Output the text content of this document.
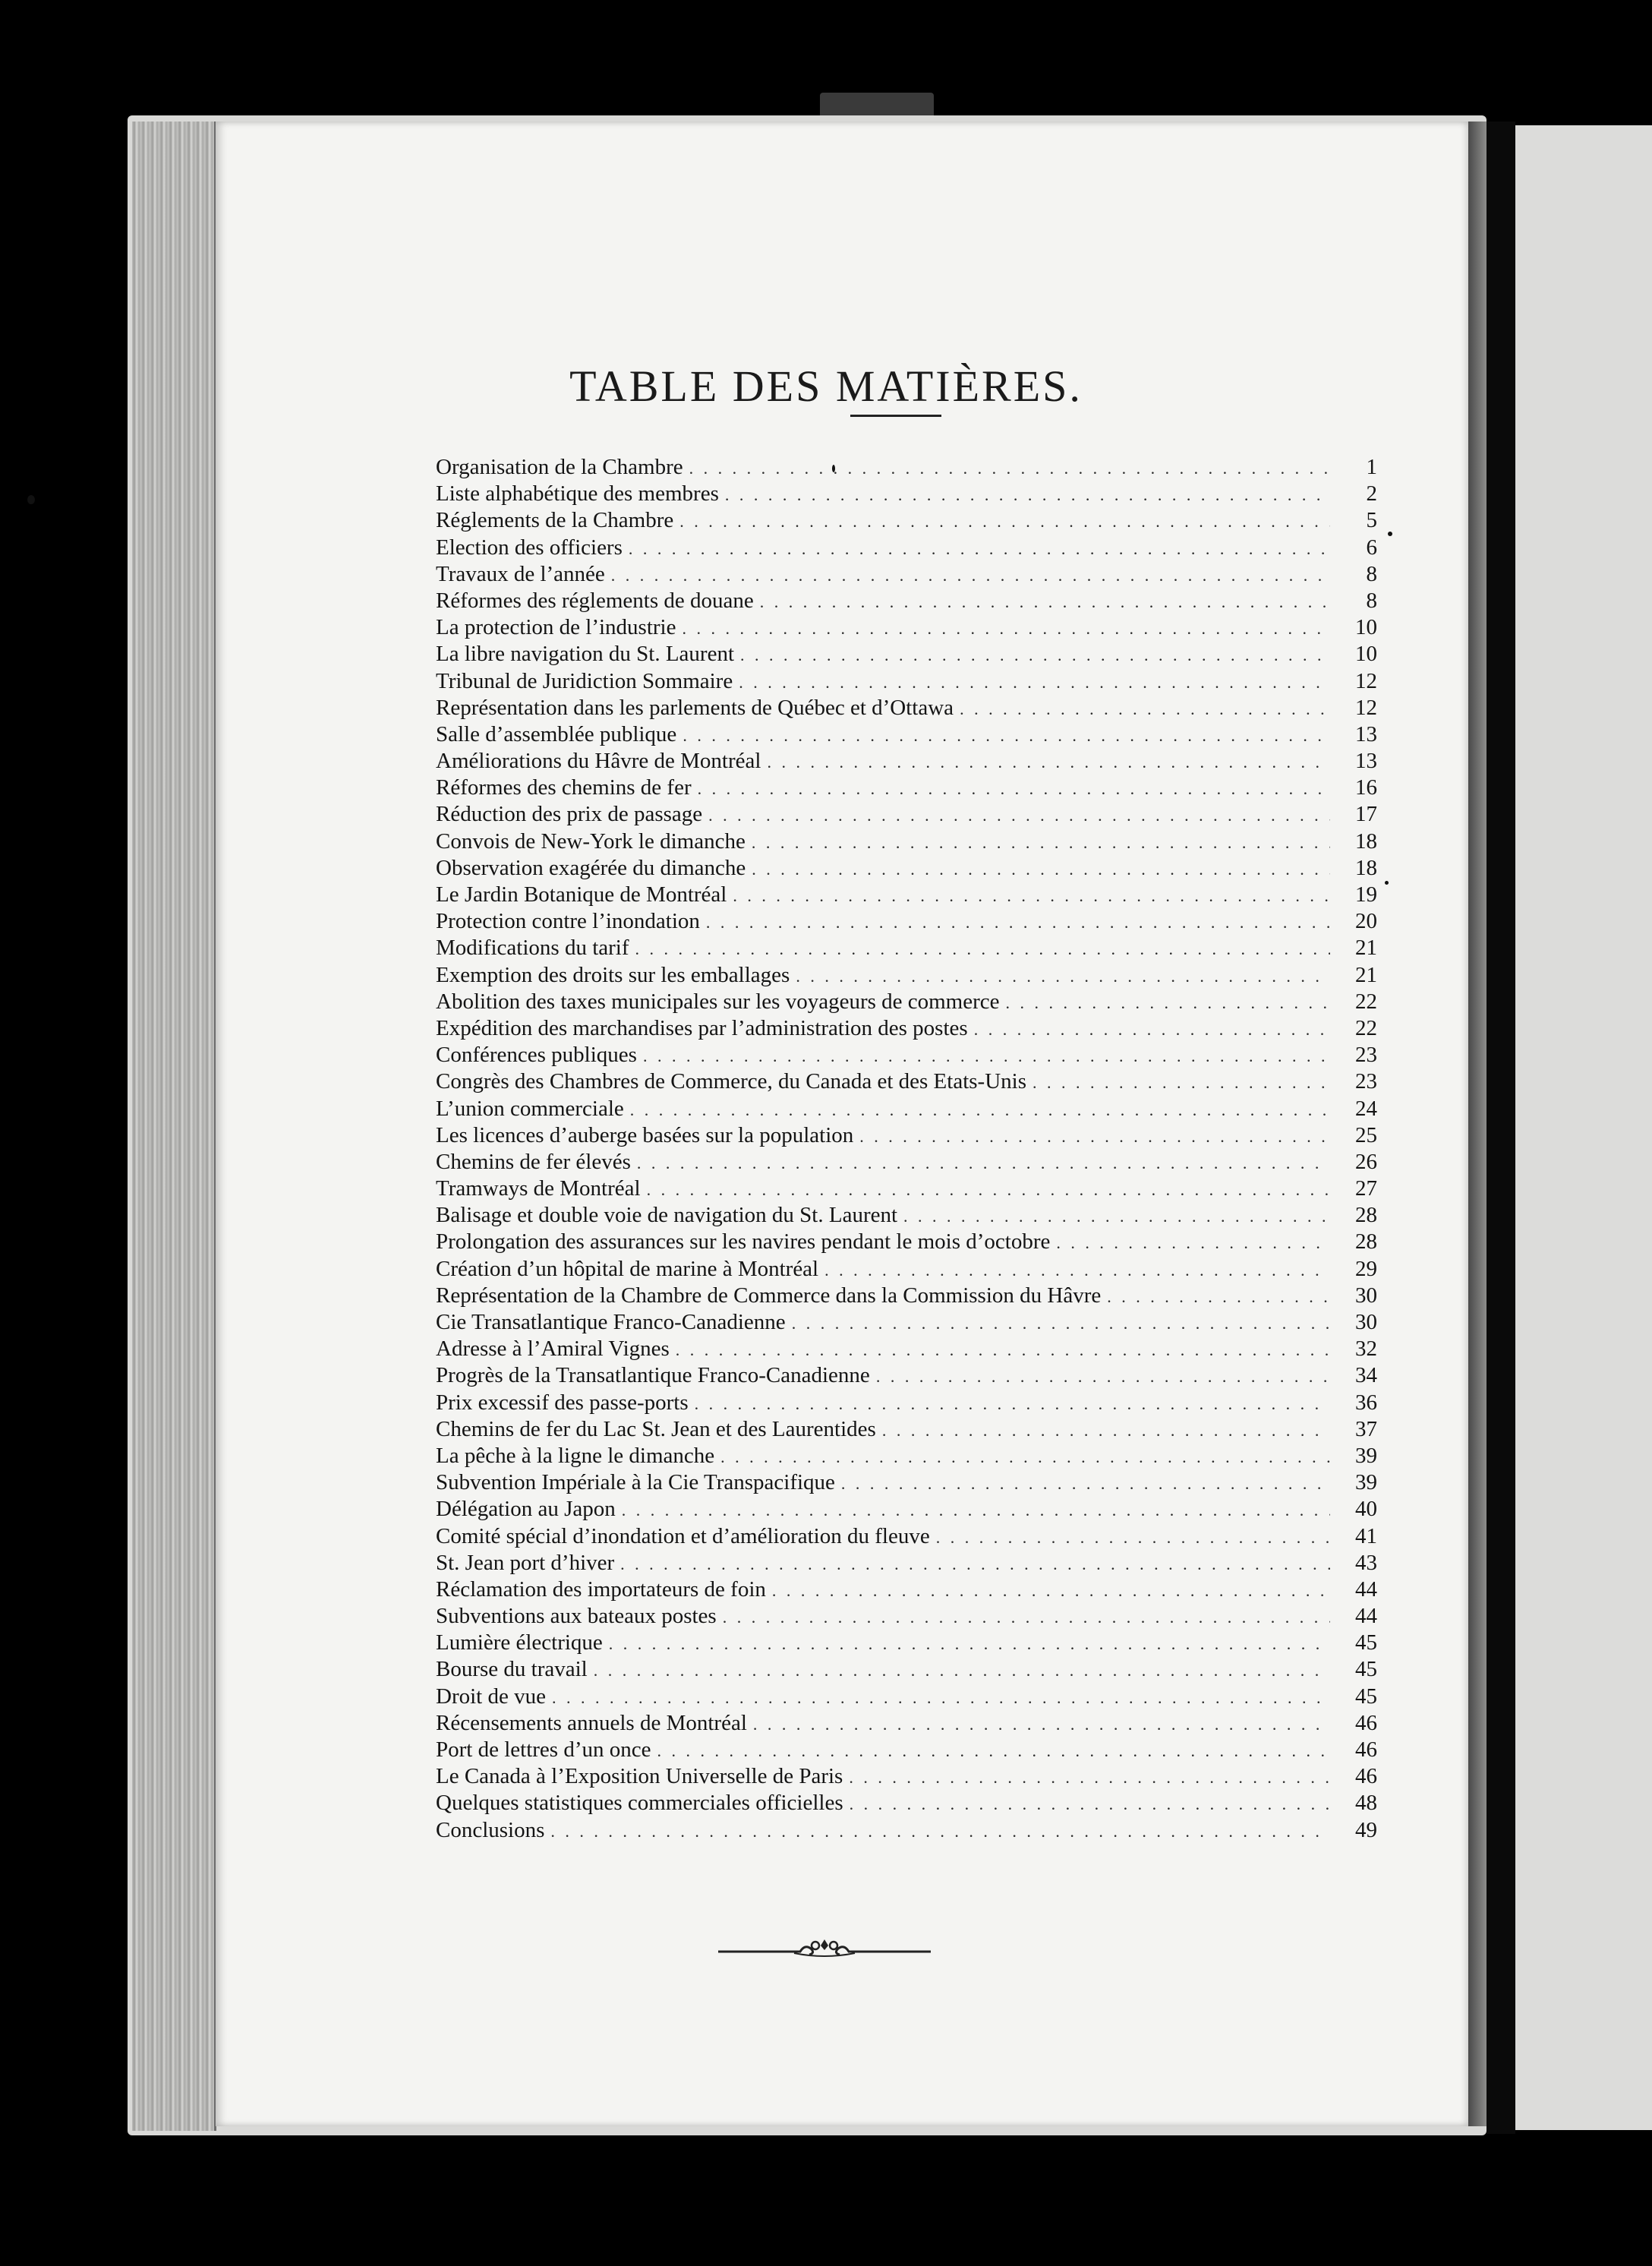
TABLE DES MATIÈRES.
Organisation de la Chambre . . .	1
Liste alphabétique des membres . . .	2
Réglements de la Chambre . . .	5
Election des officiers . . .	6
Travaux de l’année . . .	8
Réformes des réglements de douane . . .	8
La protection de l’industrie . . .	10
La libre navigation du St. Laurent . . .	10
Tribunal de Juridiction Sommaire . . .	12
Représentation dans les parlements de Québec et d’Ottawa . . .	12
Salle d’assemblée publique . . .	13
Améliorations du Hâvre de Montréal . . .	13
Réformes des chemins de fer . . .	16
Réduction des prix de passage . . .	17
Convois de New-York le dimanche . . .	18
Observation exagérée du dimanche . . .	18
Le Jardin Botanique de Montréal . . .	19
Protection contre l’inondation . . .	20
Modifications du tarif . . .	21
Exemption des droits sur les emballages . . .	21
Abolition des taxes municipales sur les voyageurs de commerce . . .	22
Expédition des marchandises par l’administration des postes . . .	22
Conférences publiques . . .	23
Congrès des Chambres de Commerce, du Canada et des Etats-Unis . . .	23
L’union commerciale . . .	24
Les licences d’auberge basées sur la population . . .	25
Chemins de fer élevés . . .	26
Tramways de Montréal . . .	27
Balisage et double voie de navigation du St. Laurent . . .	28
Prolongation des assurances sur les navires pendant le mois d’octobre . . .	28
Création d’un hôpital de marine à Montréal . . .	29
Représentation de la Chambre de Commerce dans la Commission du Hâvre . . .	30
Cie Transatlantique Franco-Canadienne . . .	30
Adresse à l’Amiral Vignes . . .	32
Progrès de la Transatlantique Franco-Canadienne . . .	34
Prix excessif des passe-ports . . .	36
Chemins de fer du Lac St. Jean et des Laurentides . . .	37
La pêche à la ligne le dimanche . . .	39
Subvention Impériale à la Cie Transpacifique . . .	39
Délégation au Japon . . .	40
Comité spécial d’inondation et d’amélioration du fleuve . . .	41
St. Jean port d’hiver . . .	43
Réclamation des importateurs de foin . . .	44
Subventions aux bateaux postes . . .	44
Lumière électrique . . .	45
Bourse du travail . . .	45
Droit de vue . . .	45
Récensements annuels de Montréal . . .	46
Port de lettres d’un once . . .	46
Le Canada à l’Exposition Universelle de Paris . . .	46
Quelques statistiques commerciales officielles . . .	48
Conclusions . . .	49
